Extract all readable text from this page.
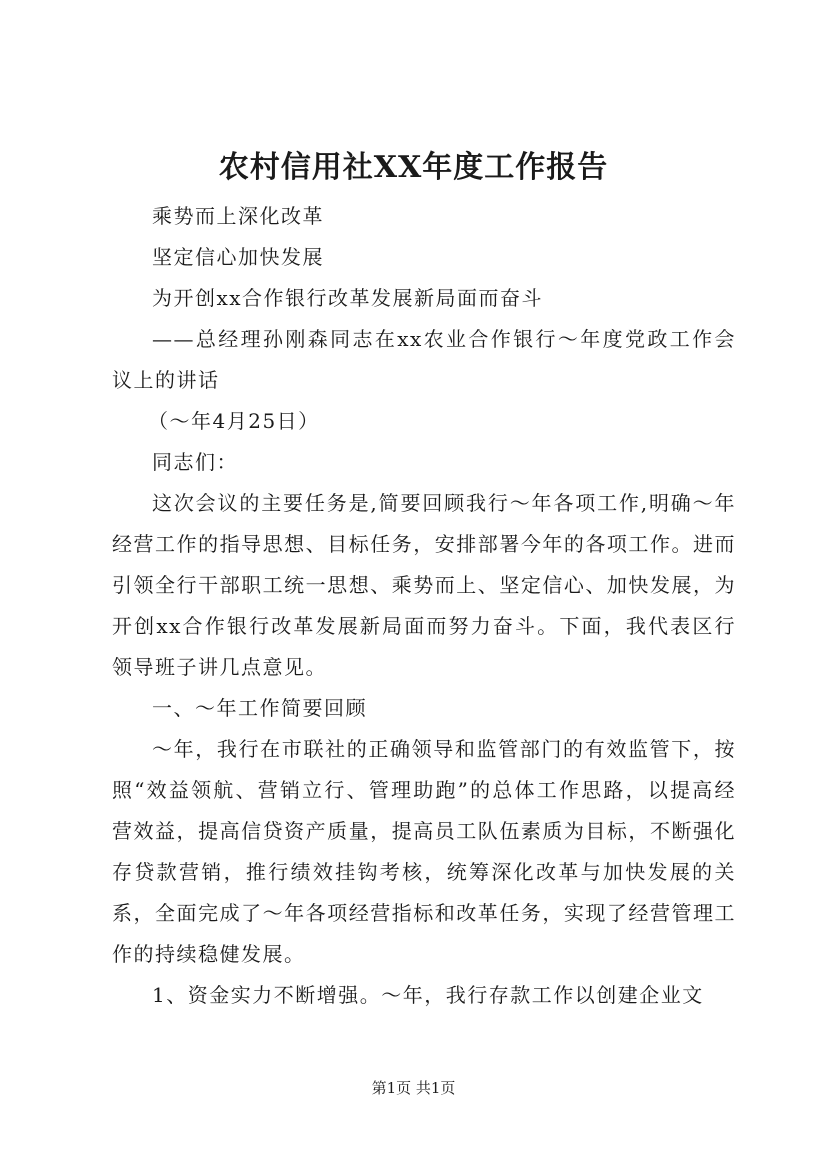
农村信用社XX年度工作报告

乘势而上深化改革

坚定信心加快发展

为开创xx合作银行改革发展新局面而奋斗

——总经理孙刚森同志在xx农业合作银行～年度党政工作会议上的讲话

（～年4月25日）

同志们：

这次会议的主要任务是,简要回顾我行～年各项工作,明确～年经营工作的指导思想、目标任务，安排部署今年的各项工作。进而引领全行干部职工统一思想、乘势而上、坚定信心、加快发展，为开创xx合作银行改革发展新局面而努力奋斗。下面，我代表区行领导班子讲几点意见。

一、～年工作简要回顾

～年，我行在市联社的正确领导和监管部门的有效监管下，按照“效益领航、营销立行、管理助跑”的总体工作思路，以提高经营效益，提高信贷资产质量，提高员工队伍素质为目标，不断强化存贷款营销，推行绩效挂钩考核，统筹深化改革与加快发展的关系，全面完成了～年各项经营指标和改革任务，实现了经营管理工作的持续稳健发展。

1、资金实力不断增强。～年，我行存款工作以创建企业文

第1页 共1页
